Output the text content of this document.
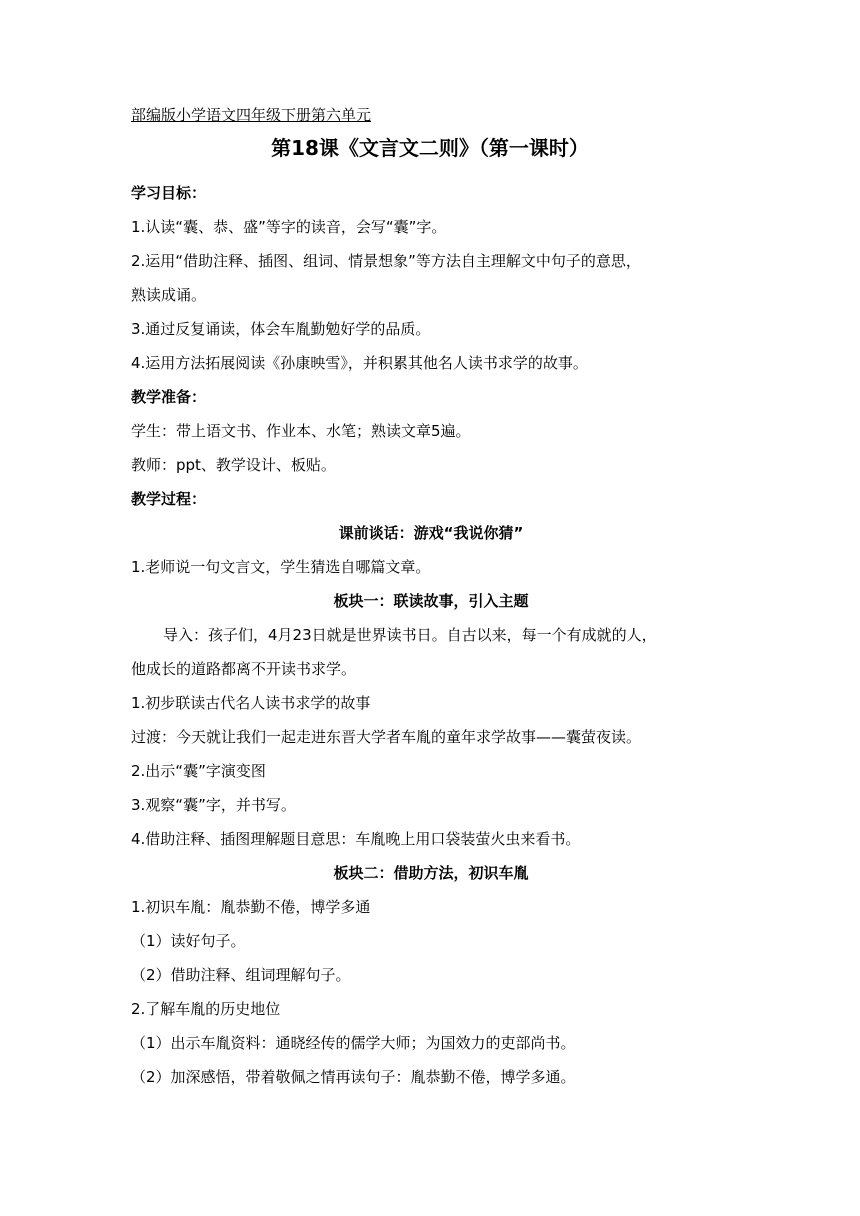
部编版小学语文四年级下册第六单元
第18课《文言文二则》（第一课时）
学习目标：
1.认读“囊、恭、盛”等字的读音，会写“囊”字。
2.运用“借助注释、插图、组词、情景想象”等方法自主理解文中句子的意思，
熟读成诵。
3.通过反复诵读，体会车胤勤勉好学的品质。
4.运用方法拓展阅读《孙康映雪》，并积累其他名人读书求学的故事。
教学准备：
学生：带上语文书、作业本、水笔；熟读文章5遍。
教师：ppt、教学设计、板贴。
教学过程：
课前谈话：游戏“我说你猜”
1.老师说一句文言文，学生猜选自哪篇文章。
板块一：联读故事，引入主题
导入：孩子们，4月23日就是世界读书日。自古以来，每一个有成就的人，
他成长的道路都离不开读书求学。
1.初步联读古代名人读书求学的故事
过渡：今天就让我们一起走进东晋大学者车胤的童年求学故事——囊萤夜读。
2.出示“囊”字演变图
3.观察“囊”字，并书写。
4.借助注释、插图理解题目意思：车胤晚上用口袋装萤火虫来看书。
板块二：借助方法，初识车胤
1.初识车胤：胤恭勤不倦，博学多通
（1）读好句子。
（2）借助注释、组词理解句子。
2.了解车胤的历史地位
（1）出示车胤资料：通晓经传的儒学大师；为国效力的吏部尚书。
（2）加深感悟，带着敬佩之情再读句子：胤恭勤不倦，博学多通。
